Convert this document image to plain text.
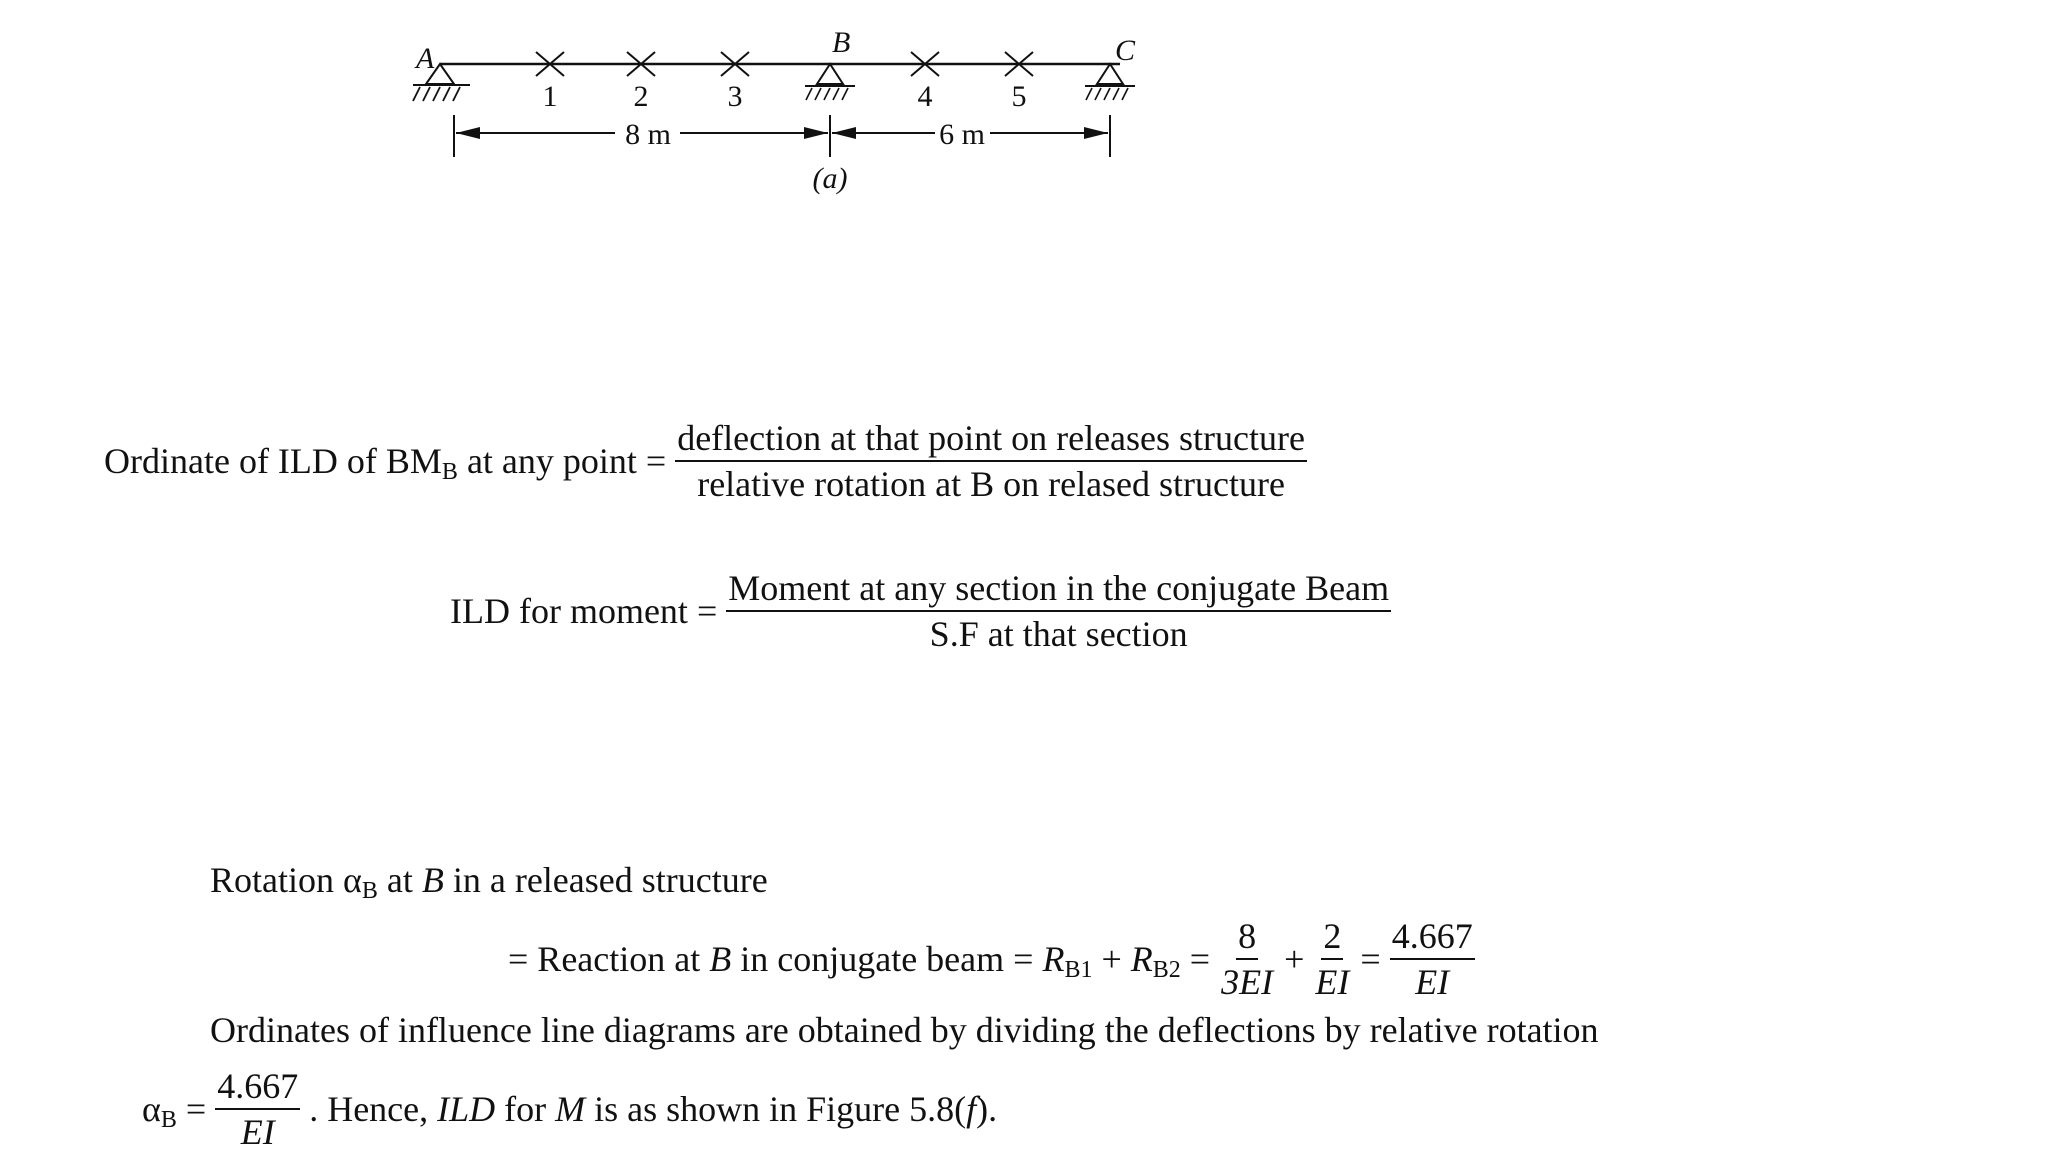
A	B	C
1	2	3	4	5
8 m	6 m
(a)
Ordinate of ILD of $BM_B$ at any point = $\frac{\text{deflection at that point on releases structure}}{\text{relative rotation at B on relased structure}}$
ILD for moment = $\frac{\text{Moment at any section in the conjugate Beam}}{\text{S.F at that section}}$
Rotation $\alpha_B$ at B in a released structure
= Reaction at B in conjugate beam = $R_{B1} + R_{B2} = \frac{8}{3EI} + \frac{2}{EI} = \frac{4.667}{EI}$
Ordinates of influence line diagrams are obtained by dividing the deflections by relative rotation
$\alpha_B = \frac{4.667}{EI}$ . Hence, ILD for M is as shown in Figure 5.8(f).
